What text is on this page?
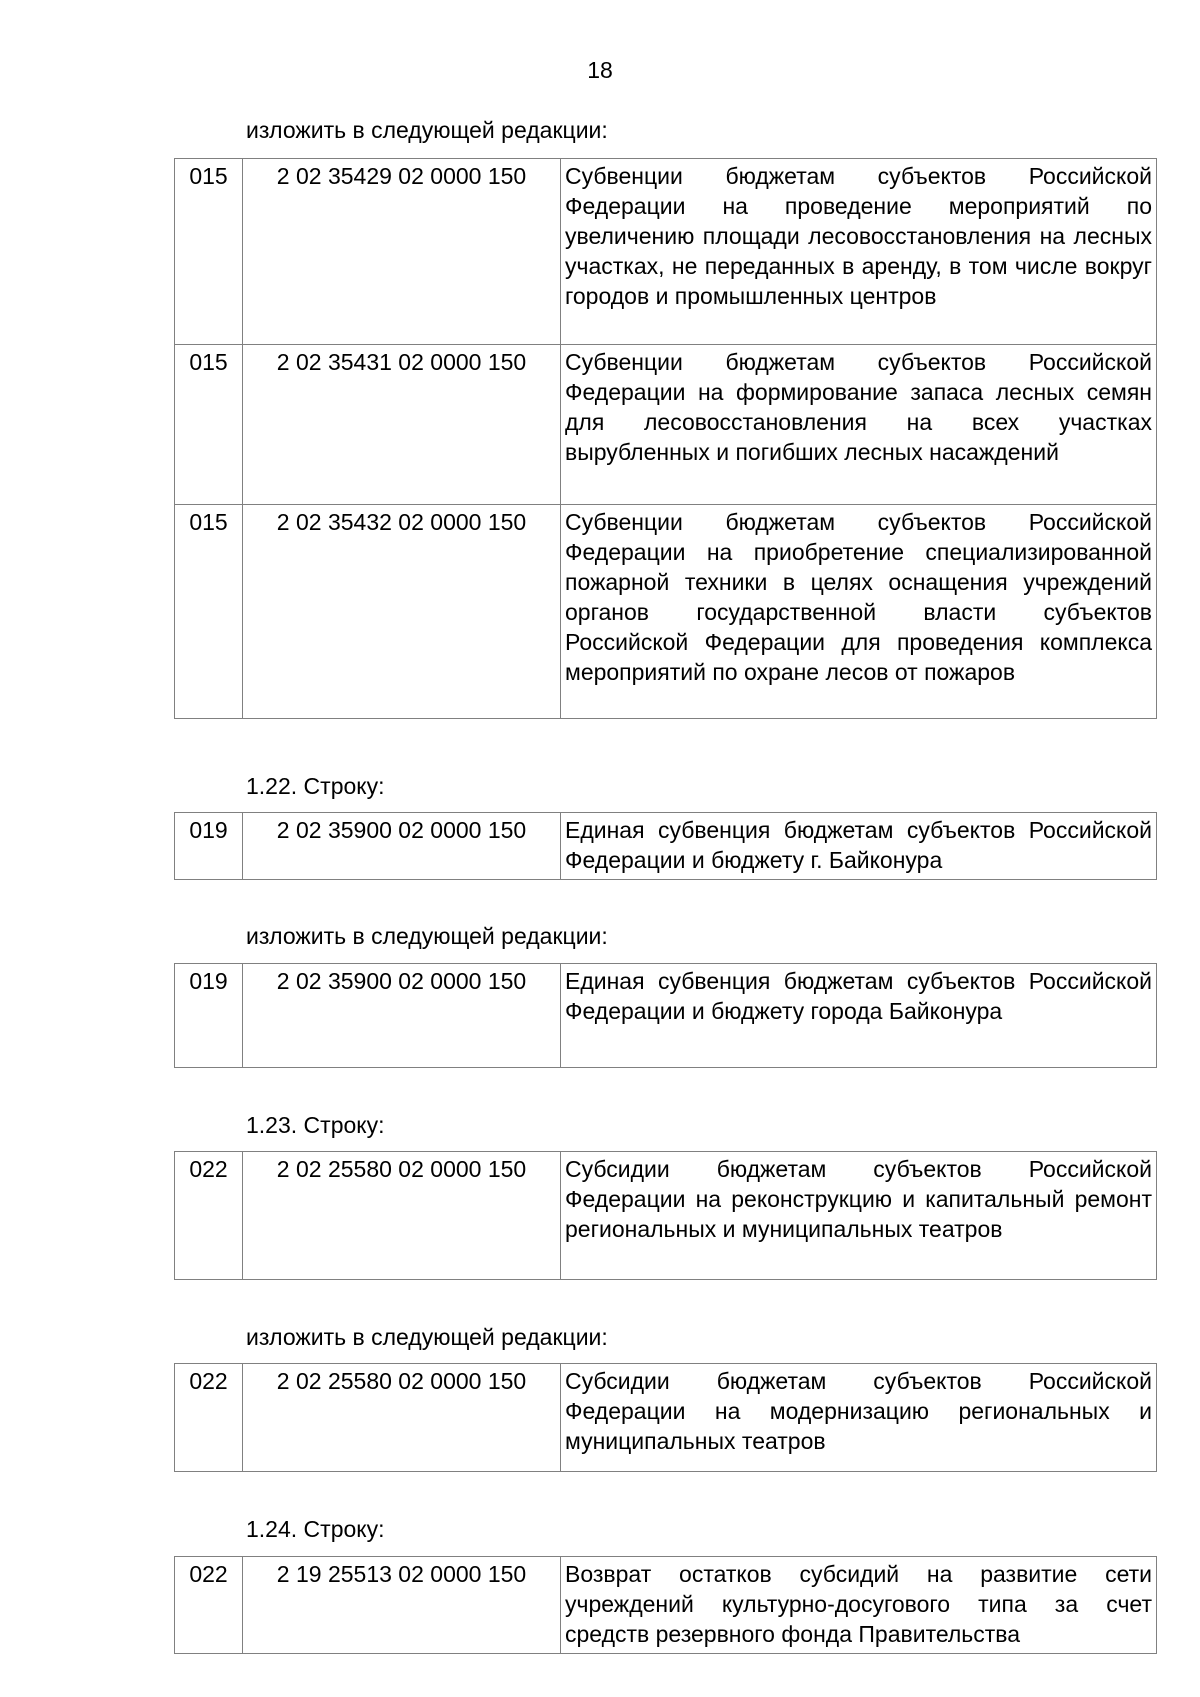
18
изложить в следующей редакции:
015	2 02 35429 02 0000 150	Субвенции бюджетам субъектов Российской Федерации на проведение мероприятий по увеличению площади лесовосстановления на лесных участках, не переданных в аренду, в том числе вокруг городов и промышленных центров
015	2 02 35431 02 0000 150	Субвенции бюджетам субъектов Российской Федерации на формирование запаса лесных семян для лесовосстановления на всех участках вырубленных и погибших лесных насаждений
015	2 02 35432 02 0000 150	Субвенции бюджетам субъектов Российской Федерации на приобретение специализированной пожарной техники в целях оснащения учреждений органов государственной власти субъектов Российской Федерации для проведения комплекса мероприятий по охране лесов от пожаров
1.22. Строку:
019	2 02 35900 02 0000 150	Единая субвенция бюджетам субъектов Российской Федерации и бюджету г. Байконура
изложить в следующей редакции:
019	2 02 35900 02 0000 150	Единая субвенция бюджетам субъектов Российской Федерации и бюджету города Байконура
1.23. Строку:
022	2 02 25580 02 0000 150	Субсидии бюджетам субъектов Российской Федерации на реконструкцию и капитальный ремонт региональных и муниципальных театров
изложить в следующей редакции:
022	2 02 25580 02 0000 150	Субсидии бюджетам субъектов Российской Федерации на модернизацию региональных и муниципальных театров
1.24. Строку:
022	2 19 25513 02 0000 150	Возврат остатков субсидий на развитие сети учреждений культурно-досугового типа за счет средств резервного фонда Правительства
